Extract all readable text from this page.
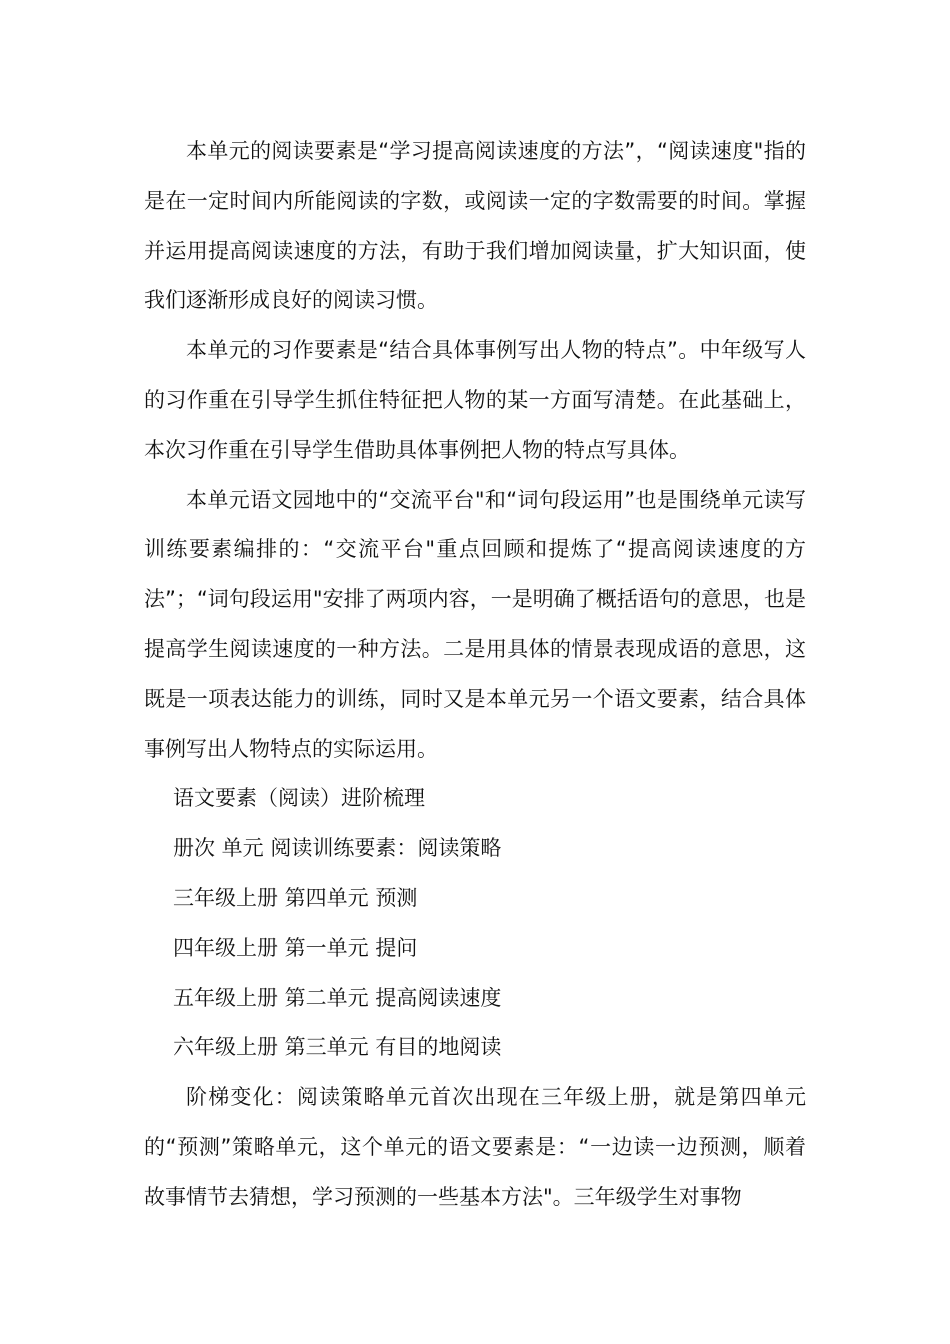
本单元的阅读要素是“学习提高阅读速度的方法”，“阅读速度"指的是在一定时间内所能阅读的字数，或阅读一定的字数需要的时间。掌握并运用提高阅读速度的方法，有助于我们增加阅读量，扩大知识面，使我们逐渐形成良好的阅读习惯。

本单元的习作要素是“结合具体事例写出人物的特点”。中年级写人的习作重在引导学生抓住特征把人物的某一方面写清楚。在此基础上，本次习作重在引导学生借助具体事例把人物的特点写具体。

本单元语文园地中的“交流平台"和“词句段运用”也是围绕单元读写训练要素编排的：“交流平台"重点回顾和提炼了“提高阅读速度的方法”；“词句段运用"安排了两项内容，一是明确了概括语句的意思，也是提高学生阅读速度的一种方法。二是用具体的情景表现成语的意思，这既是一项表达能力的训练，同时又是本单元另一个语文要素，结合具体事例写出人物特点的实际运用。

语文要素（阅读）进阶梳理

册次 单元 阅读训练要素：阅读策略

三年级上册 第四单元 预测

四年级上册 第一单元 提问

五年级上册 第二单元 提高阅读速度

六年级上册 第三单元 有目的地阅读

阶梯变化：阅读策略单元首次出现在三年级上册，就是第四单元的“预测”策略单元，这个单元的语文要素是：“一边读一边预测，顺着故事情节去猜想，学习预测的一些基本方法"。三年级学生对事物
